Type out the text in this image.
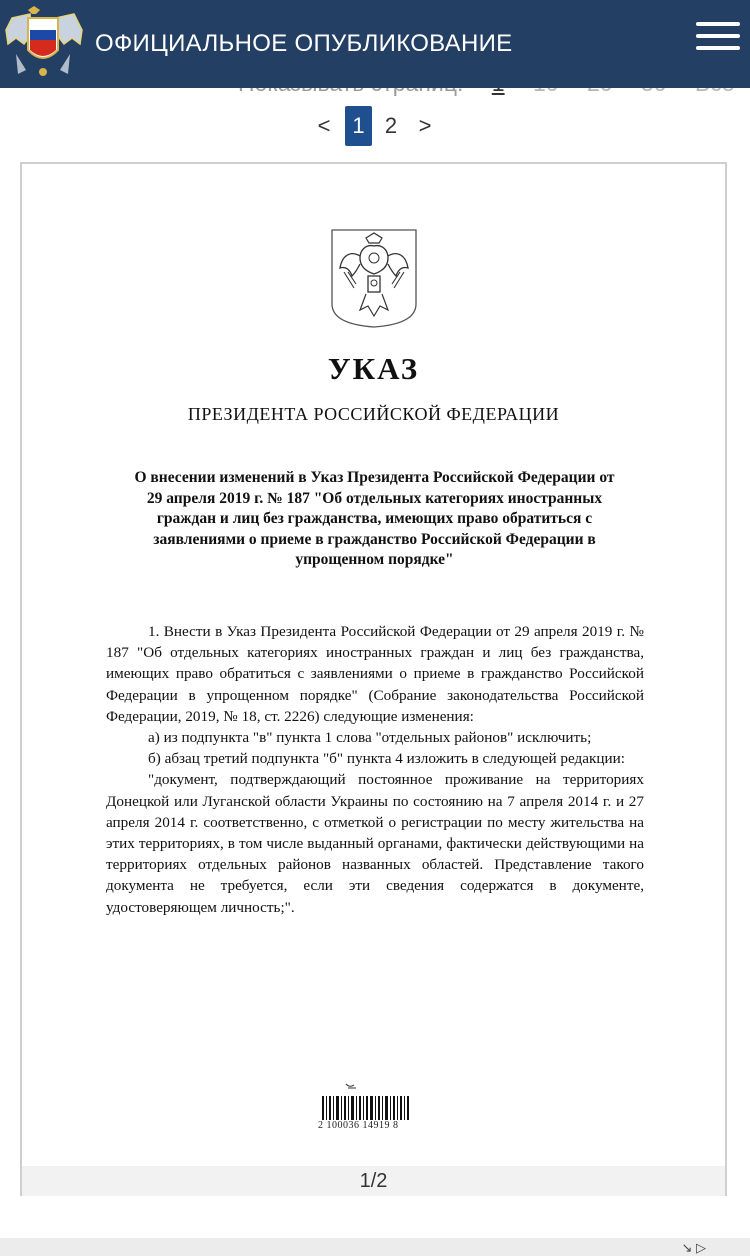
ОФИЦИАЛЬНОЕ ОПУБЛИКОВАНИЕ
< 1 2 >
УКАЗ
ПРЕЗИДЕНТА РОССИЙСКОЙ ФЕДЕРАЦИИ
О внесении изменений в Указ Президента Российской Федерации от 29 апреля 2019 г. № 187 "Об отдельных категориях иностранных граждан и лиц без гражданства, имеющих право обратиться с заявлениями о приеме в гражданство Российской Федерации в упрощенном порядке"

1. Внести в Указ Президента Российской Федерации от 29 апреля 2019 г. № 187 "Об отдельных категориях иностранных граждан и лиц без гражданства, имеющих право обратиться с заявлениями о приеме в гражданство Российской Федерации в упрощенном порядке" (Собрание законодательства Российской Федерации, 2019, № 18, ст. 2226) следующие изменения:

а) из подпункта "в" пункта 1 слова "отдельных районов" исключить;

б) абзац третий подпункта "б" пункта 4 изложить в следующей редакции:

"документ, подтверждающий постоянное проживание на территориях Донецкой или Луганской области Украины по состоянию на 7 апреля 2014 г. и 27 апреля 2014 г. соответственно, с отметкой о регистрации по месту жительства на этих территориях, в том числе выданный органами, фактически действующими на территориях отдельных районов названных областей. Представление такого документа не требуется, если эти сведения содержатся в документе, удостоверяющем личность;".

2 100036 14919 8
1/2
↘ ▷
